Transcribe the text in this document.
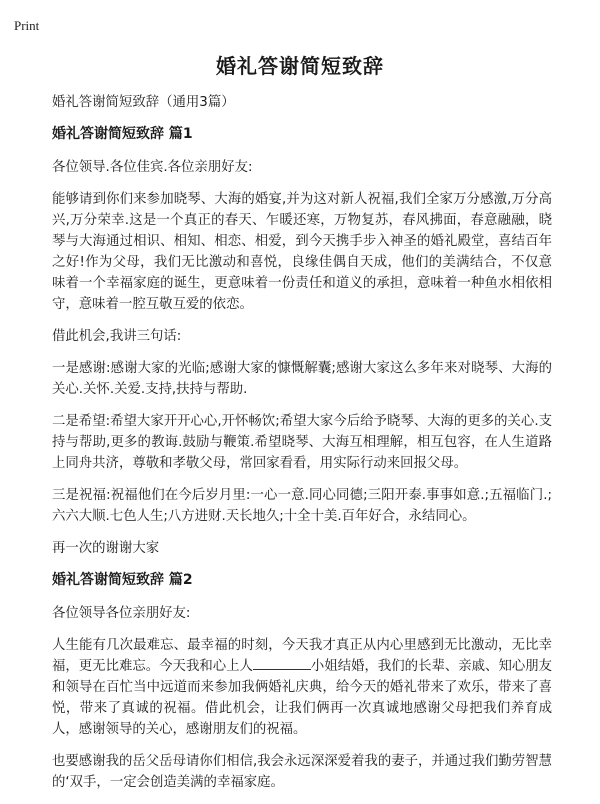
Print
婚礼答谢简短致辞

婚礼答谢简短致辞（通用3篇）

婚礼答谢简短致辞 篇1

各位领导.各位佳宾.各位亲朋好友:

能够请到你们来参加晓琴、大海的婚宴,并为这对新人祝福,我们全家万分感激,万分高兴,万分荣幸.这是一个真正的春天、乍暖还寒，万物复苏，春风拂面，春意融融，晓琴与大海通过相识、相知、相恋、相爱，到今天携手步入神圣的婚礼殿堂，喜结百年之好!作为父母，我们无比激动和喜悦，良缘佳偶自天成，他们的美满结合，不仅意味着一个幸福家庭的诞生，更意味着一份责任和道义的承担，意味着一种鱼水相依相守，意味着一腔互敬互爱的依恋。

借此机会,我讲三句话:

一是感谢:感谢大家的光临;感谢大家的慷慨解囊;感谢大家这么多年来对晓琴、大海的关心.关怀.关爱.支持,扶持与帮助.

二是希望:希望大家开开心心,开怀畅饮;希望大家今后给予晓琴、大海的更多的关心.支持与帮助,更多的教诲.鼓励与鞭策.希望晓琴、大海互相理解，相互包容，在人生道路上同舟共济，尊敬和孝敬父母，常回家看看，用实际行动来回报父母。

三是祝福:祝福他们在今后岁月里:一心一意.同心同德;三阳开泰.事事如意.;五福临门.;六六大顺.七色人生;八方进财.天长地久;十全十美.百年好合，永结同心。

再一次的谢谢大家

婚礼答谢简短致辞 篇2

各位领导各位亲朋好友:

人生能有几次最难忘、最幸福的时刻，今天我才真正从内心里感到无比激动，无比幸福，更无比难忘。今天我和心上人	小姐结婚，我们的长辈、亲戚、知心朋友和领导在百忙当中远道而来参加我俩婚礼庆典，给今天的婚礼带来了欢乐，带来了喜悦，带来了真诚的祝福。借此机会，让我们俩再一次真诚地感谢父母把我们养育成人，感谢领导的关心，感谢朋友们的祝福。

也要感谢我的岳父岳母请你们相信,我会永远深深爱着我的妻子，并通过我们勤劳智慧的‘双手，一定会创造美满的幸福家庭。
